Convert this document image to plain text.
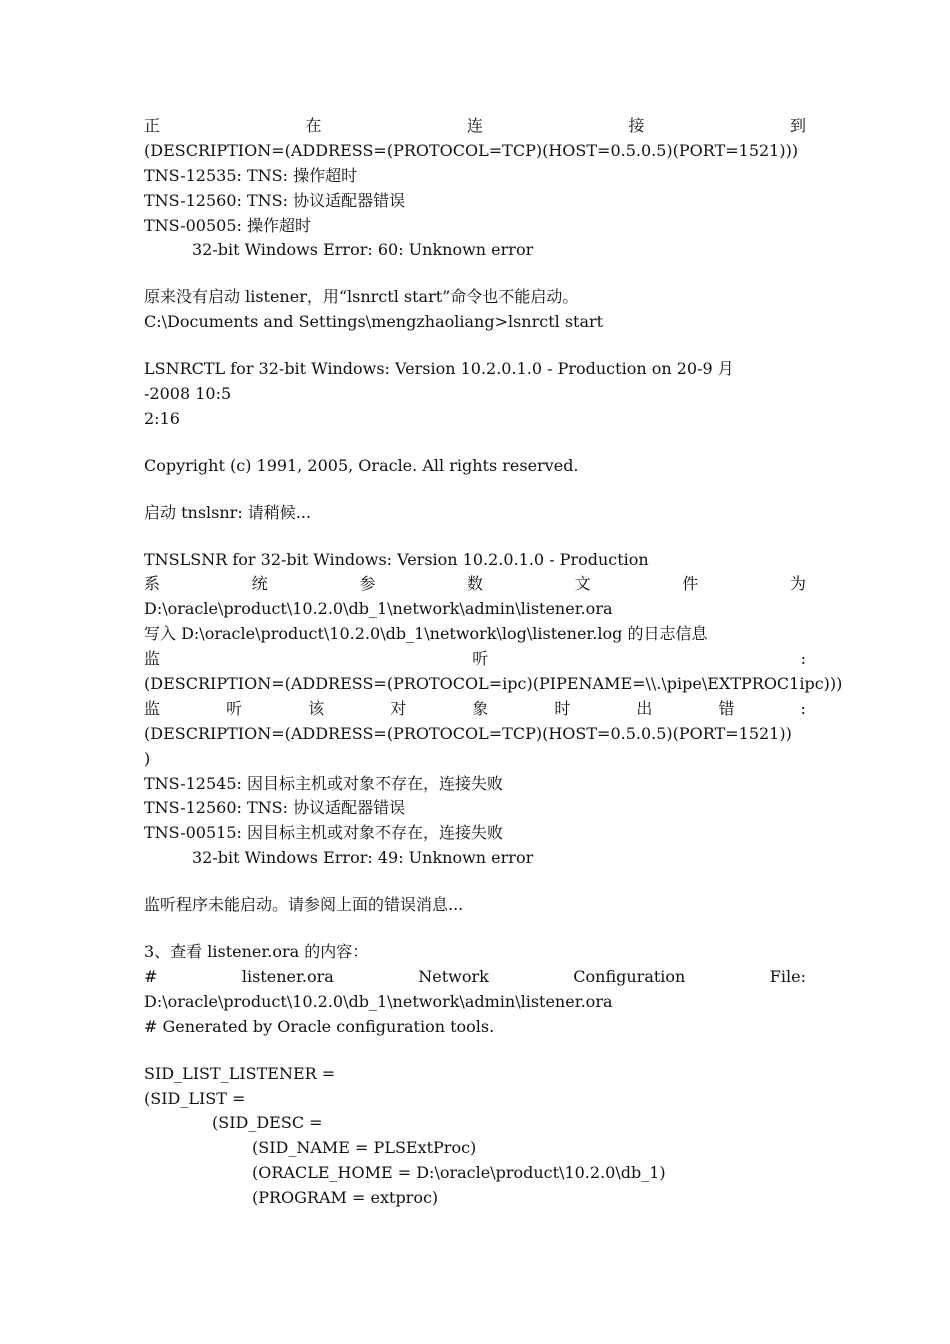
正	在	连	接	到
(DESCRIPTION=(ADDRESS=(PROTOCOL=TCP)(HOST=0.5.0.5)(PORT=1521)))
TNS-12535: TNS: 操作超时
TNS-12560: TNS: 协议适配器错误
TNS-00505: 操作超时
32-bit Windows Error: 60: Unknown error
原来没有启动 listener，用“lsnrctl start”命令也不能启动。
C:\Documents and Settings\mengzhaoliang>lsnrctl start
LSNRCTL for 32-bit Windows: Version 10.2.0.1.0 - Production on 20-9 月
-2008 10:5
2:16
Copyright (c) 1991, 2005, Oracle. All rights reserved.
启动 tnslsnr: 请稍候...
TNSLSNR for 32-bit Windows: Version 10.2.0.1.0 - Production
系	统	参	数	文	件	为
D:\oracle\product\10.2.0\db_1\network\admin\listener.ora
写入 D:\oracle\product\10.2.0\db_1\network\log\listener.log 的日志信息
监	听	:
(DESCRIPTION=(ADDRESS=(PROTOCOL=ipc)(PIPENAME=\\.\pipe\EXTPROC1ipc)))
监	听	该	对	象	时	出	错	:
(DESCRIPTION=(ADDRESS=(PROTOCOL=TCP)(HOST=0.5.0.5)(PORT=1521))
)
TNS-12545: 因目标主机或对象不存在，连接失败
TNS-12560: TNS: 协议适配器错误
TNS-00515: 因目标主机或对象不存在，连接失败
32-bit Windows Error: 49: Unknown error
监听程序未能启动。请参阅上面的错误消息...
3、查看 listener.ora 的内容：
#	listener.ora	Network	Configuration	File:
D:\oracle\product\10.2.0\db_1\network\admin\listener.ora
# Generated by Oracle configuration tools.
SID_LIST_LISTENER =
(SID_LIST =
(SID_DESC =
(SID_NAME = PLSExtProc)
(ORACLE_HOME = D:\oracle\product\10.2.0\db_1)
(PROGRAM = extproc)
